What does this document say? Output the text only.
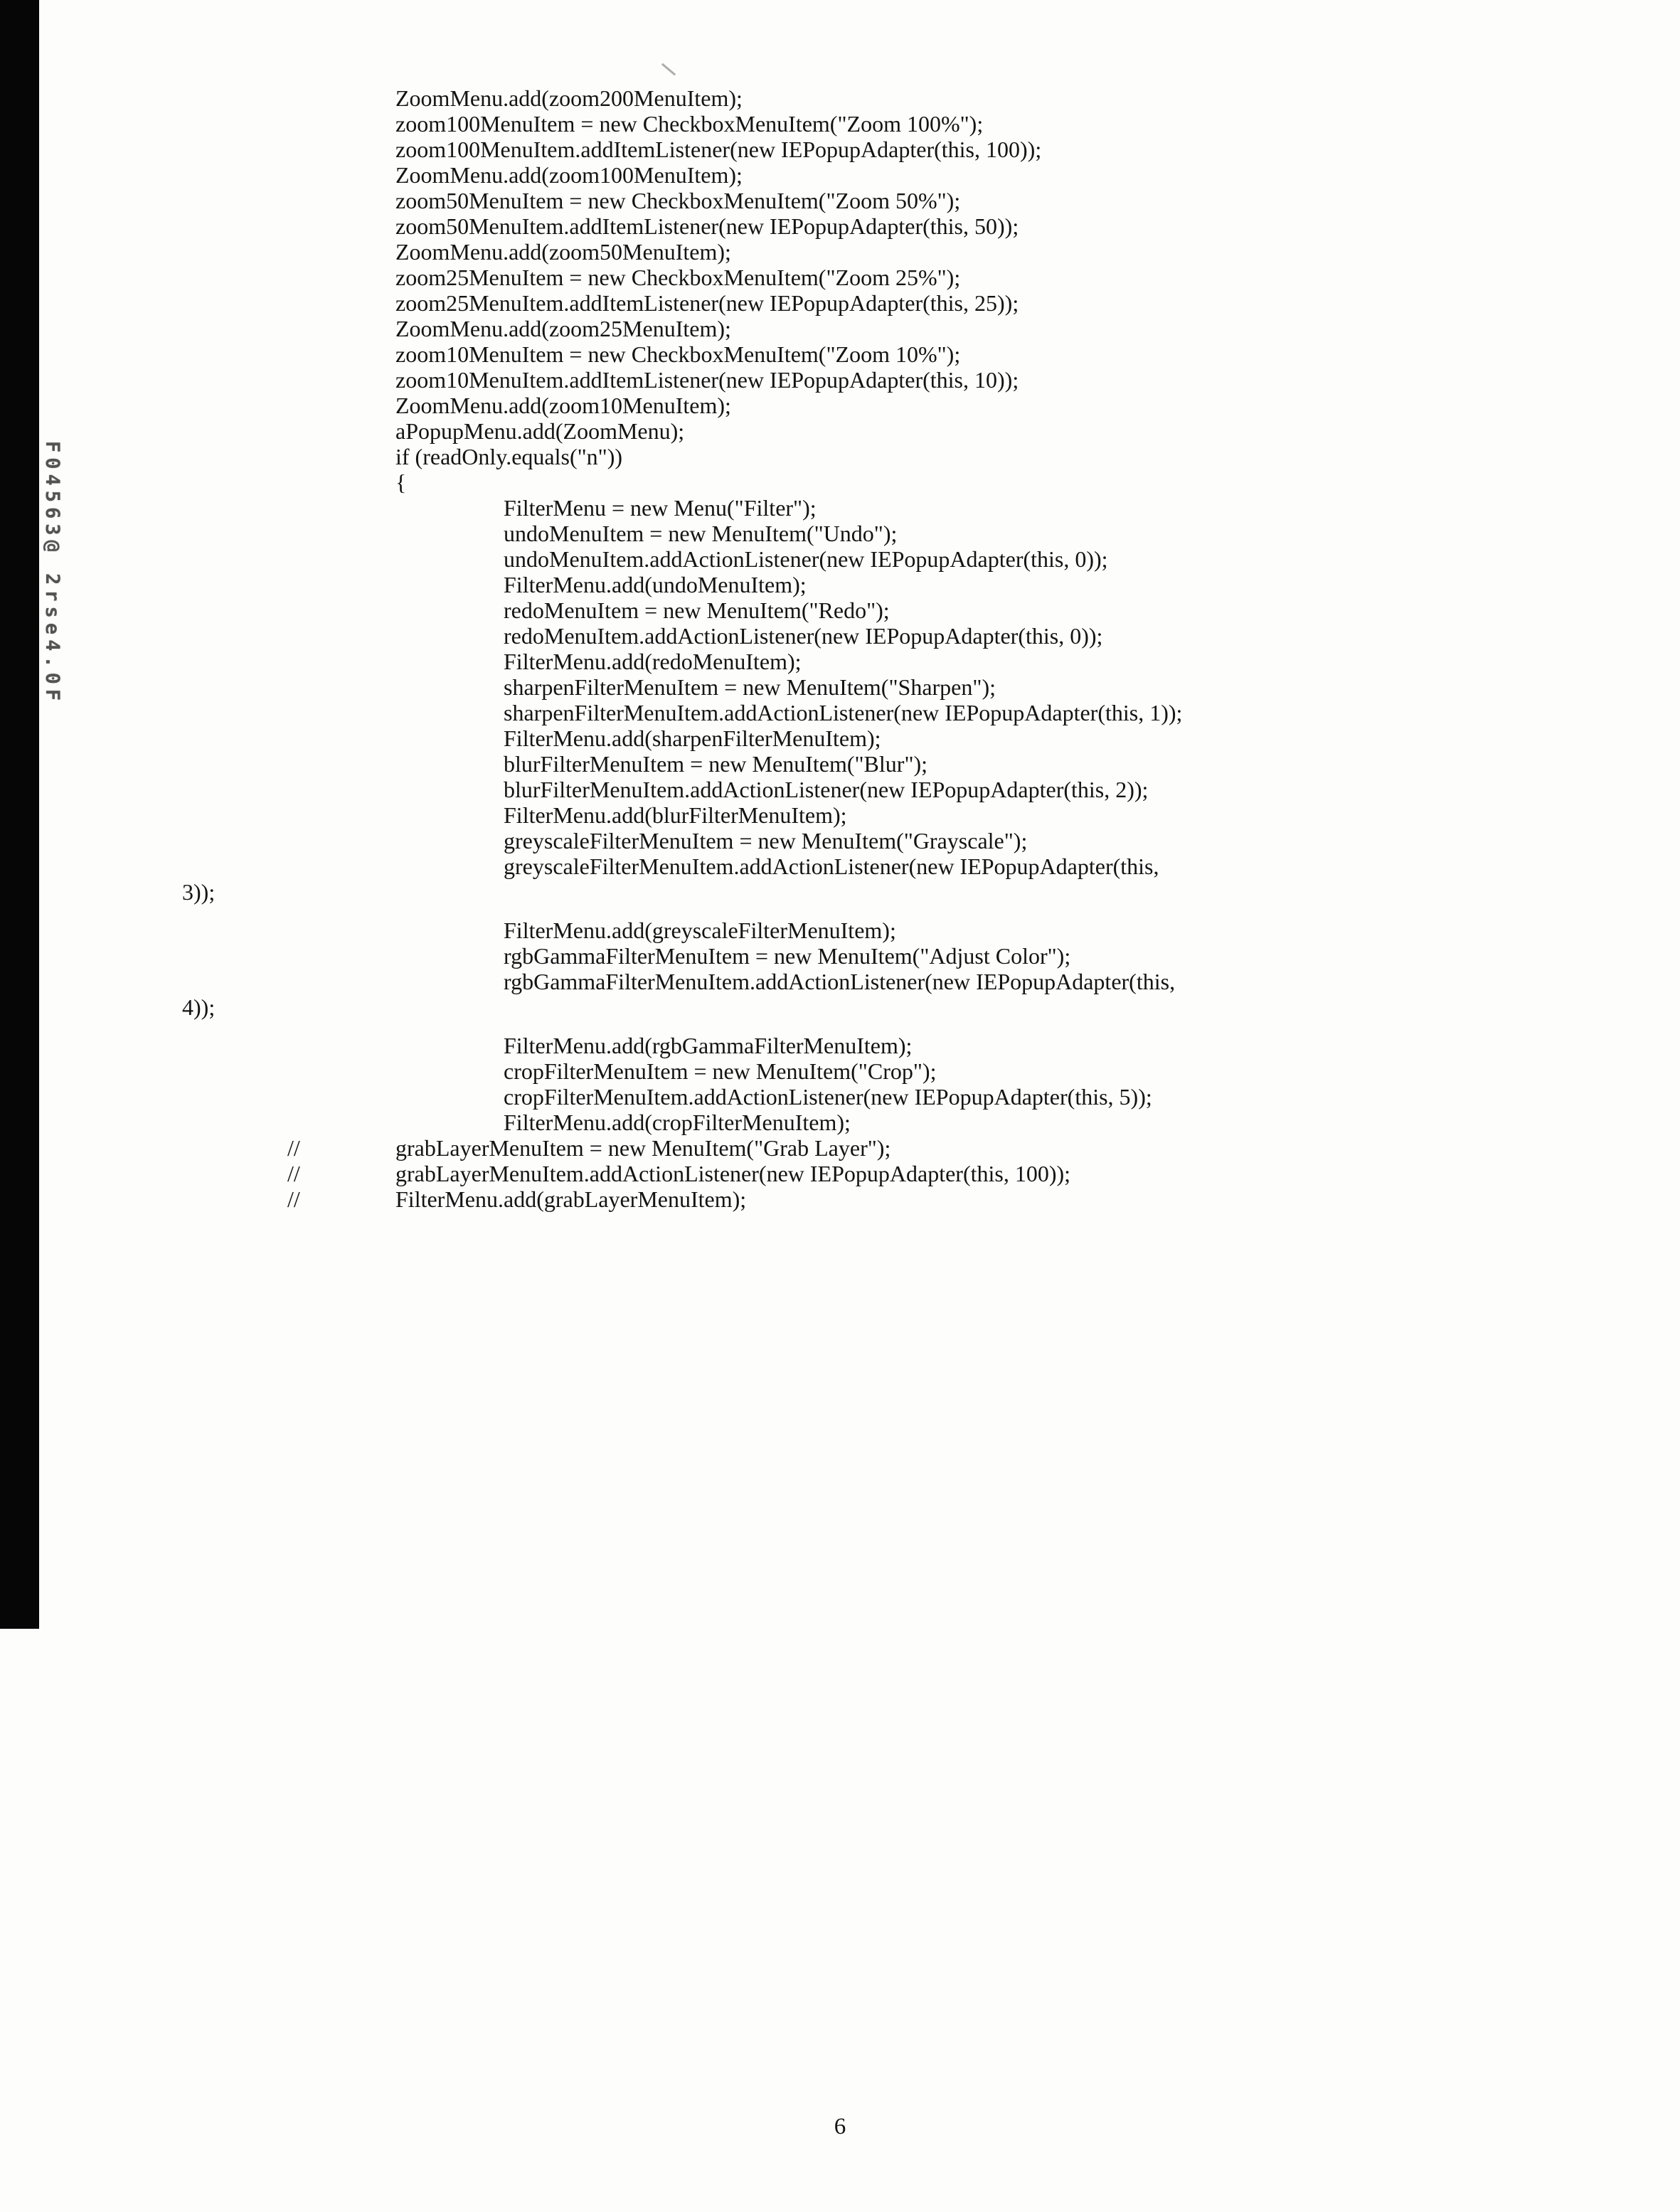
F04563@ 2rse4.0F
ZoomMenu.add(zoom200MenuItem);
zoom100MenuItem = new CheckboxMenuItem("Zoom 100%");
zoom100MenuItem.addItemListener(new IEPopupAdapter(this, 100));
ZoomMenu.add(zoom100MenuItem);
zoom50MenuItem = new CheckboxMenuItem("Zoom 50%");
zoom50MenuItem.addItemListener(new IEPopupAdapter(this, 50));
ZoomMenu.add(zoom50MenuItem);
zoom25MenuItem = new CheckboxMenuItem("Zoom 25%");
zoom25MenuItem.addItemListener(new IEPopupAdapter(this, 25));
ZoomMenu.add(zoom25MenuItem);
zoom10MenuItem = new CheckboxMenuItem("Zoom 10%");
zoom10MenuItem.addItemListener(new IEPopupAdapter(this, 10));
ZoomMenu.add(zoom10MenuItem);
aPopupMenu.add(ZoomMenu);
if (readOnly.equals("n"))
{
FilterMenu = new Menu("Filter");
undoMenuItem = new MenuItem("Undo");
undoMenuItem.addActionListener(new IEPopupAdapter(this, 0));
FilterMenu.add(undoMenuItem);
redoMenuItem = new MenuItem("Redo");
redoMenuItem.addActionListener(new IEPopupAdapter(this, 0));
FilterMenu.add(redoMenuItem);
sharpenFilterMenuItem = new MenuItem("Sharpen");
sharpenFilterMenuItem.addActionListener(new IEPopupAdapter(this, 1));
FilterMenu.add(sharpenFilterMenuItem);
blurFilterMenuItem = new MenuItem("Blur");
blurFilterMenuItem.addActionListener(new IEPopupAdapter(this, 2));
FilterMenu.add(blurFilterMenuItem);
greyscaleFilterMenuItem = new MenuItem("Grayscale");
greyscaleFilterMenuItem.addActionListener(new IEPopupAdapter(this,
3));
FilterMenu.add(greyscaleFilterMenuItem);
rgbGammaFilterMenuItem = new MenuItem("Adjust Color");
rgbGammaFilterMenuItem.addActionListener(new IEPopupAdapter(this,
4));
FilterMenu.add(rgbGammaFilterMenuItem);
cropFilterMenuItem = new MenuItem("Crop");
cropFilterMenuItem.addActionListener(new IEPopupAdapter(this, 5));
FilterMenu.add(cropFilterMenuItem);
//	grabLayerMenuItem = new MenuItem("Grab Layer");
//	grabLayerMenuItem.addActionListener(new IEPopupAdapter(this, 100));
//	FilterMenu.add(grabLayerMenuItem);
6
